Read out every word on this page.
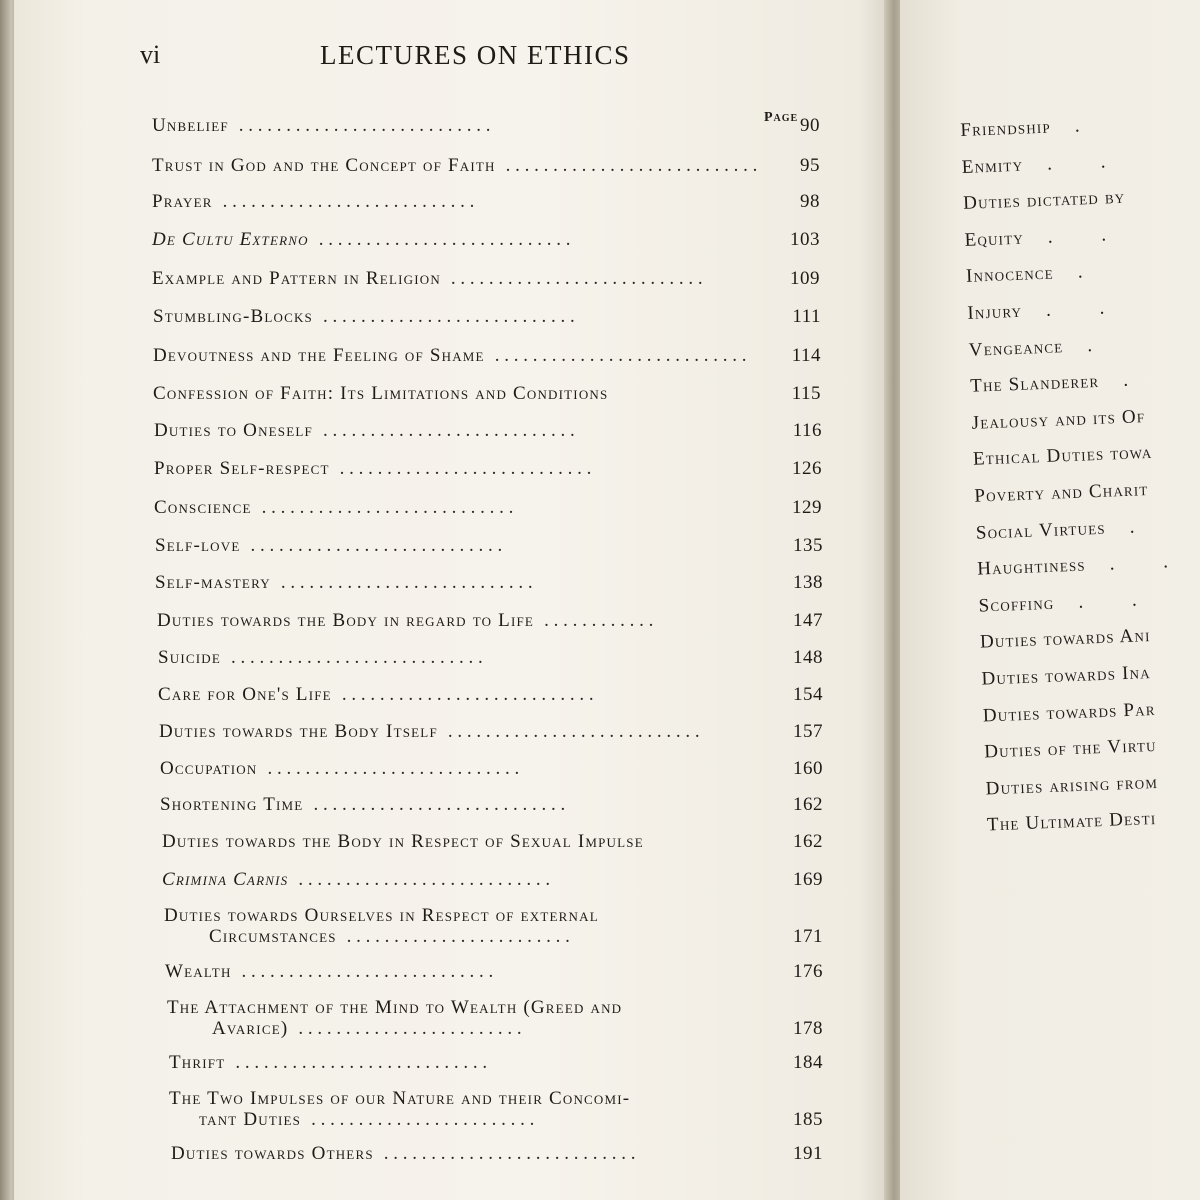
vi	LECTURES ON ETHICS
Page
Unbelief . . . . . . . . . . . . . . . . . . . . . . . . . . .	90
Trust in God and the Concept of Faith . . . . . . . . . . . . . . . . . . . . . . . . . . .	95
Prayer . . . . . . . . . . . . . . . . . . . . . . . . . . .	98
De Cultu Externo . . . . . . . . . . . . . . . . . . . . . . . . . . .	103
Example and Pattern in Religion . . . . . . . . . . . . . . . . . . . . . . . . . . .	109
Stumbling-Blocks . . . . . . . . . . . . . . . . . . . . . . . . . . .	111
Devoutness and the Feeling of Shame . . . . . . . . . . . . . . . . . . . . . . . . . . .	114
Confession of Faith: Its Limitations and Conditions	115
Duties to Oneself . . . . . . . . . . . . . . . . . . . . . . . . . . .	116
Proper Self-respect . . . . . . . . . . . . . . . . . . . . . . . . . . .	126
Conscience . . . . . . . . . . . . . . . . . . . . . . . . . . .	129
Self-love . . . . . . . . . . . . . . . . . . . . . . . . . . .	135
Self-mastery . . . . . . . . . . . . . . . . . . . . . . . . . . .	138
Duties towards the Body in regard to Life . . . . . . . . . . . .	147
Suicide . . . . . . . . . . . . . . . . . . . . . . . . . . .	148
Care for One's Life . . . . . . . . . . . . . . . . . . . . . . . . . . .	154
Duties towards the Body Itself . . . . . . . . . . . . . . . . . . . . . . . . . . .	157
Occupation . . . . . . . . . . . . . . . . . . . . . . . . . . .	160
Shortening Time . . . . . . . . . . . . . . . . . . . . . . . . . . .	162
Duties towards the Body in Respect of Sexual Impulse	162
Crimina Carnis . . . . . . . . . . . . . . . . . . . . . . . . . . .	169
Duties towards Ourselves in Respect of external
Circumstances . . . . . . . . . . . . . . . . . . . . . . . .	171
Wealth . . . . . . . . . . . . . . . . . . . . . . . . . . .	176
The Attachment of the Mind to Wealth (Greed and
Avarice) . . . . . . . . . . . . . . . . . . . . . . . .	178
Thrift . . . . . . . . . . . . . . . . . . . . . . . . . . .	184
The Two Impulses of our Nature and their Concomi-
tant Duties . . . . . . . . . . . . . . . . . . . . . . . .	185
Duties towards Others . . . . . . . . . . . . . . . . . . . . . . . . . . .	191
Friendship .
Enmity . .
Duties dictated by
Equity . .
Innocence .
Injury . .
Vengeance .
The Slanderer .
Jealousy and its Of
Ethical Duties towa
Poverty and Charit
Social Virtues .
Haughtiness . .
Scoffing . .
Duties towards Ani
Duties towards Ina
Duties towards Par
Duties of the Virtu
Duties arising from
The Ultimate Desti
